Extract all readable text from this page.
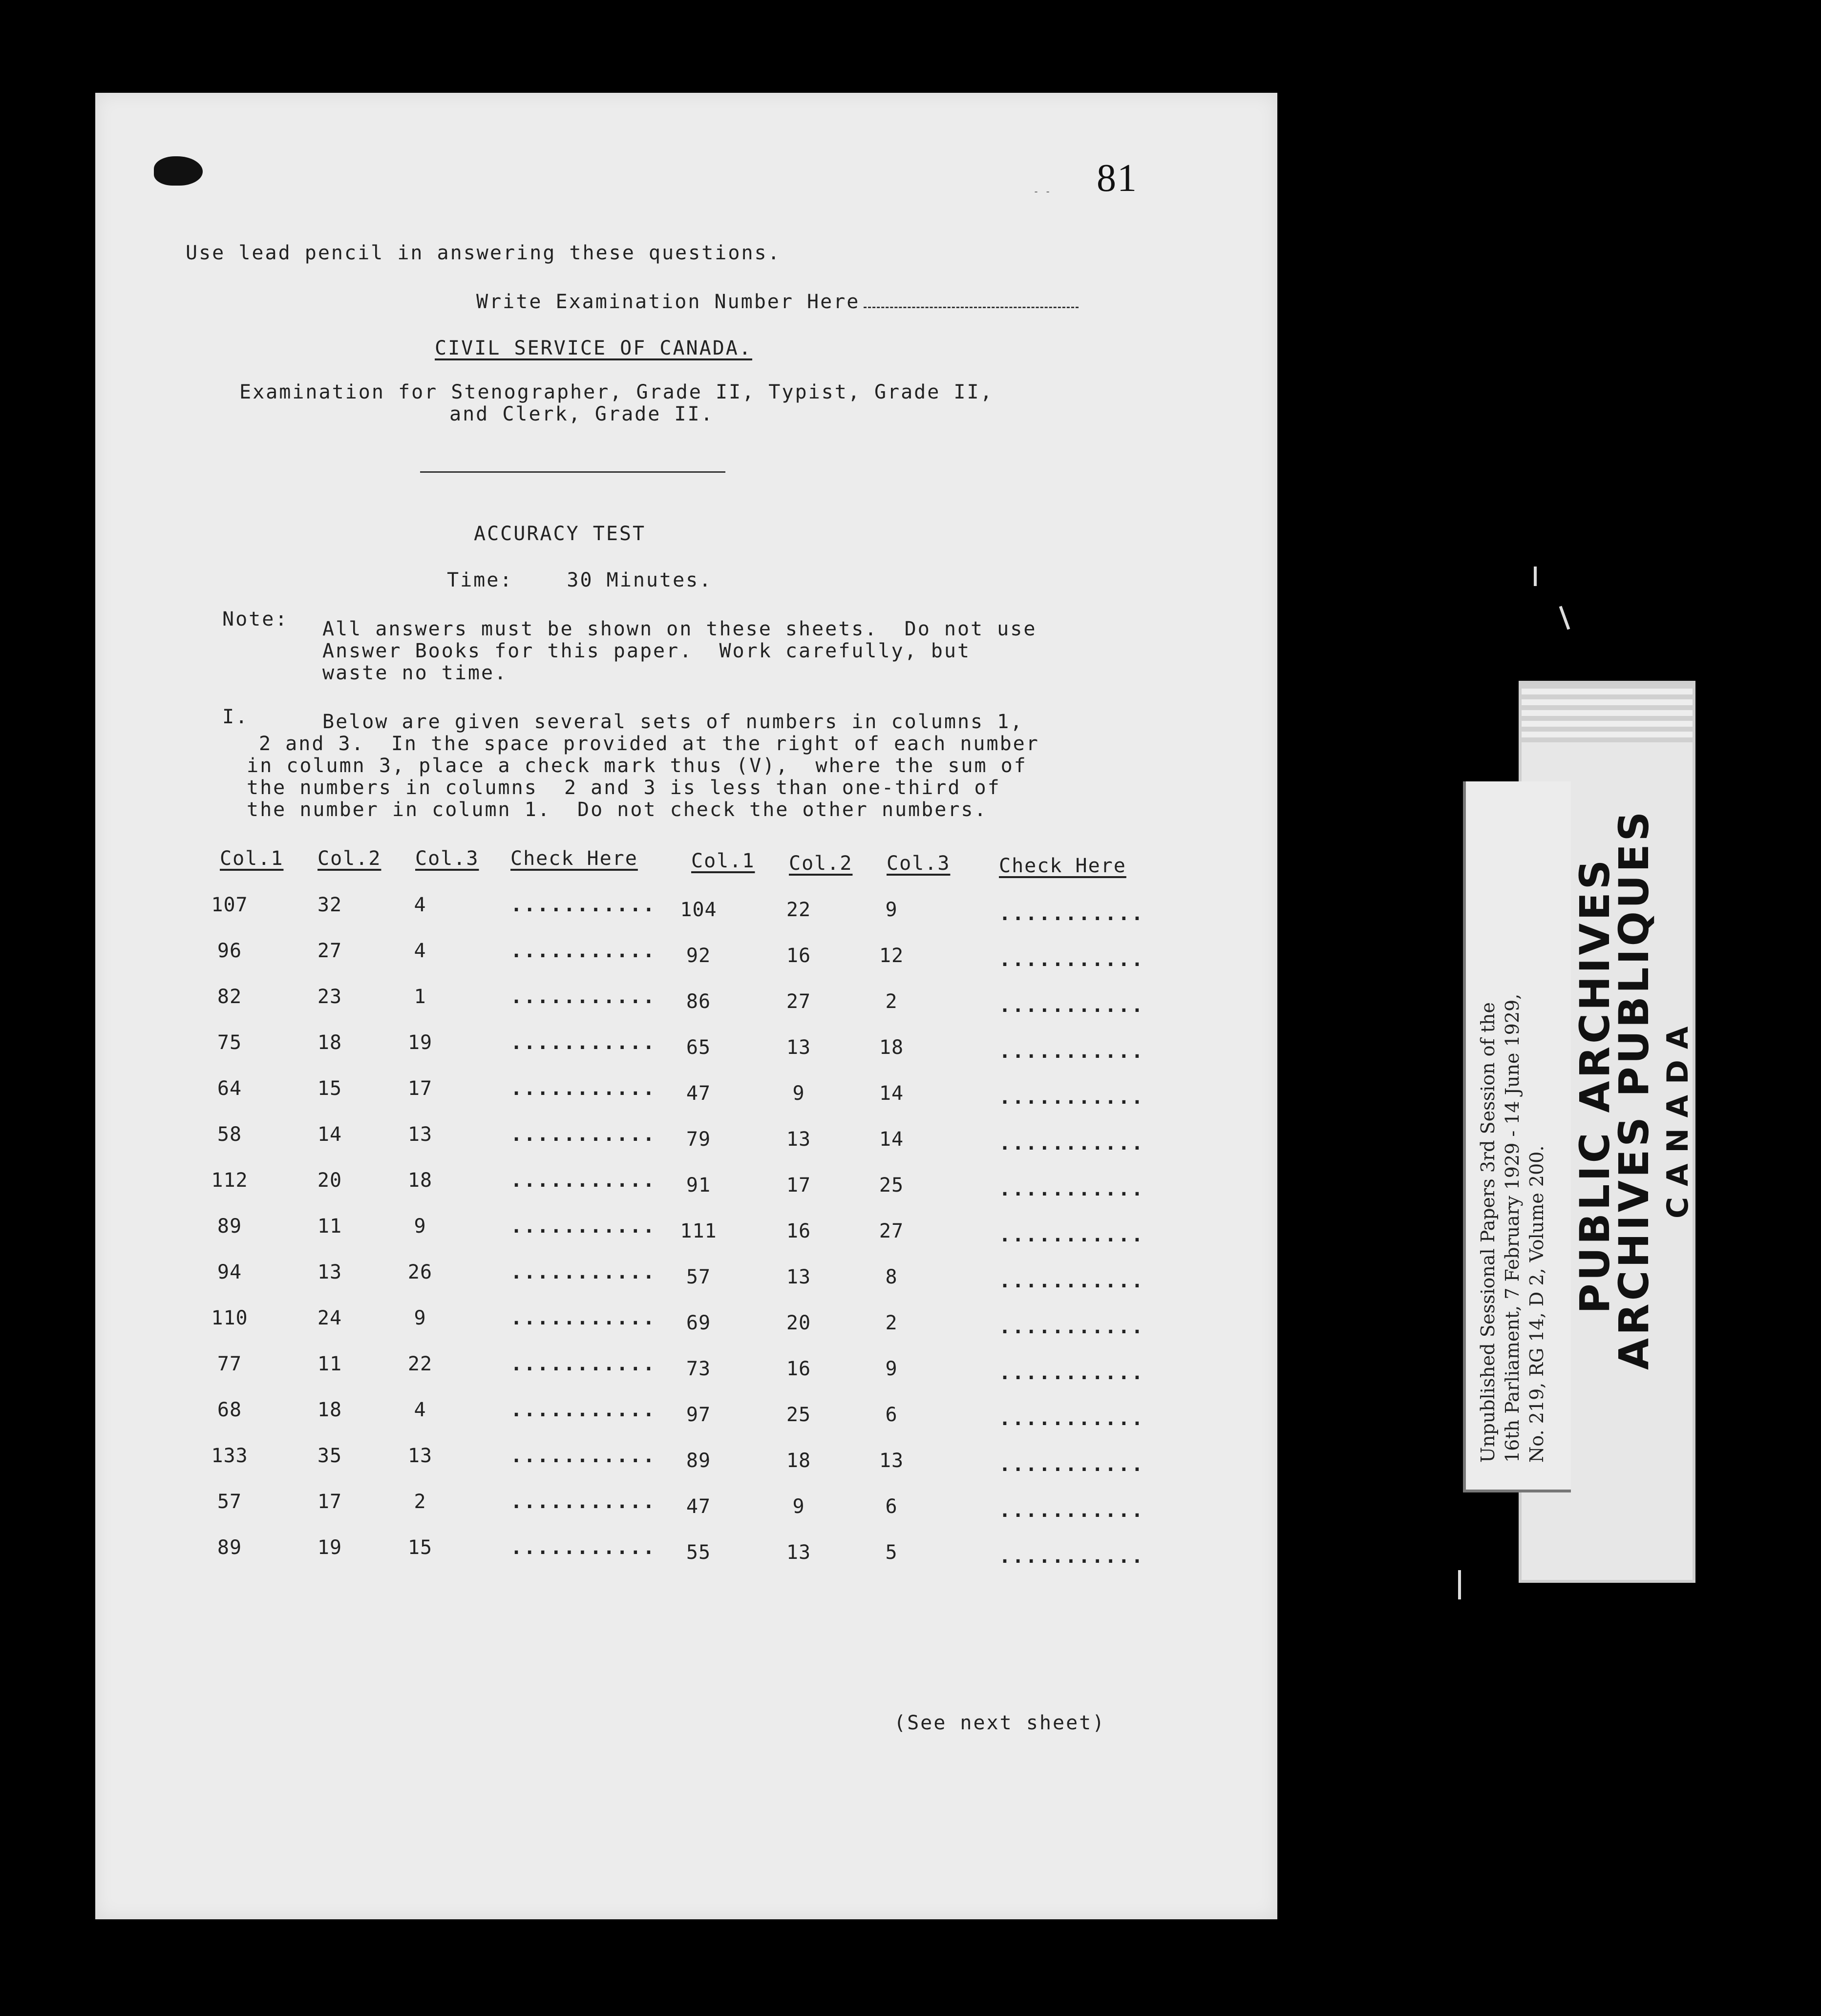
‐ ‐ 81
Use lead pencil in answering these questions.
Write Examination Number Here
CIVIL SERVICE OF CANADA.
Examination for Stenographer, Grade II, Typist, Grade II,
and Clerk, Grade II.
ACCURACY TEST
Time:	30 Minutes.
Note: All answers must be shown on these sheets.  Do not use
Answer Books for this paper.  Work carefully, but
waste no time.
I.	Below are given several sets of numbers in columns 1,
2 and 3.  In the space provided at the right of each number
in column 3, place a check mark thus (V),  where the sum of
the numbers in columns  2 and 3 is less than one-third of
the number in column 1.  Do not check the other numbers.
Col.1 Col.2 Col.3 Check Here	Col.1 Col.2 Col.3 Check Here
107	32	4	...........
96	27	4	...........
82	23	1	...........
75	18	19	...........
64	15	17	...........
58	14	13	...........
112	20	18	...........
89	11	9	...........
94	13	26	...........
110	24	9	...........
77	11	22	...........
68	18	4	...........
133	35	13	...........
57	17	2	...........
89	19	15	...........
104	22	9	...........
92	16	12	...........
86	27	2	...........
65	13	18	...........
47	9	14	...........
79	13	14	...........
91	17	25	...........
111	16	27	...........
57	13	8	...........
69	20	2	...........
73	16	9	...........
97	25	6	...........
89	18	13	...........
47	9	6	...........
55	13	5	...........
(See next sheet)
PUBLIC ARCHIVES
ARCHIVES PUBLIQUES CANADA
Unpublished Sessional Papers 3rd Session of the 16th Parliament, 7 February 1929 - 14 June 1929, No. 219, RG 14, D 2, Volume 200.
